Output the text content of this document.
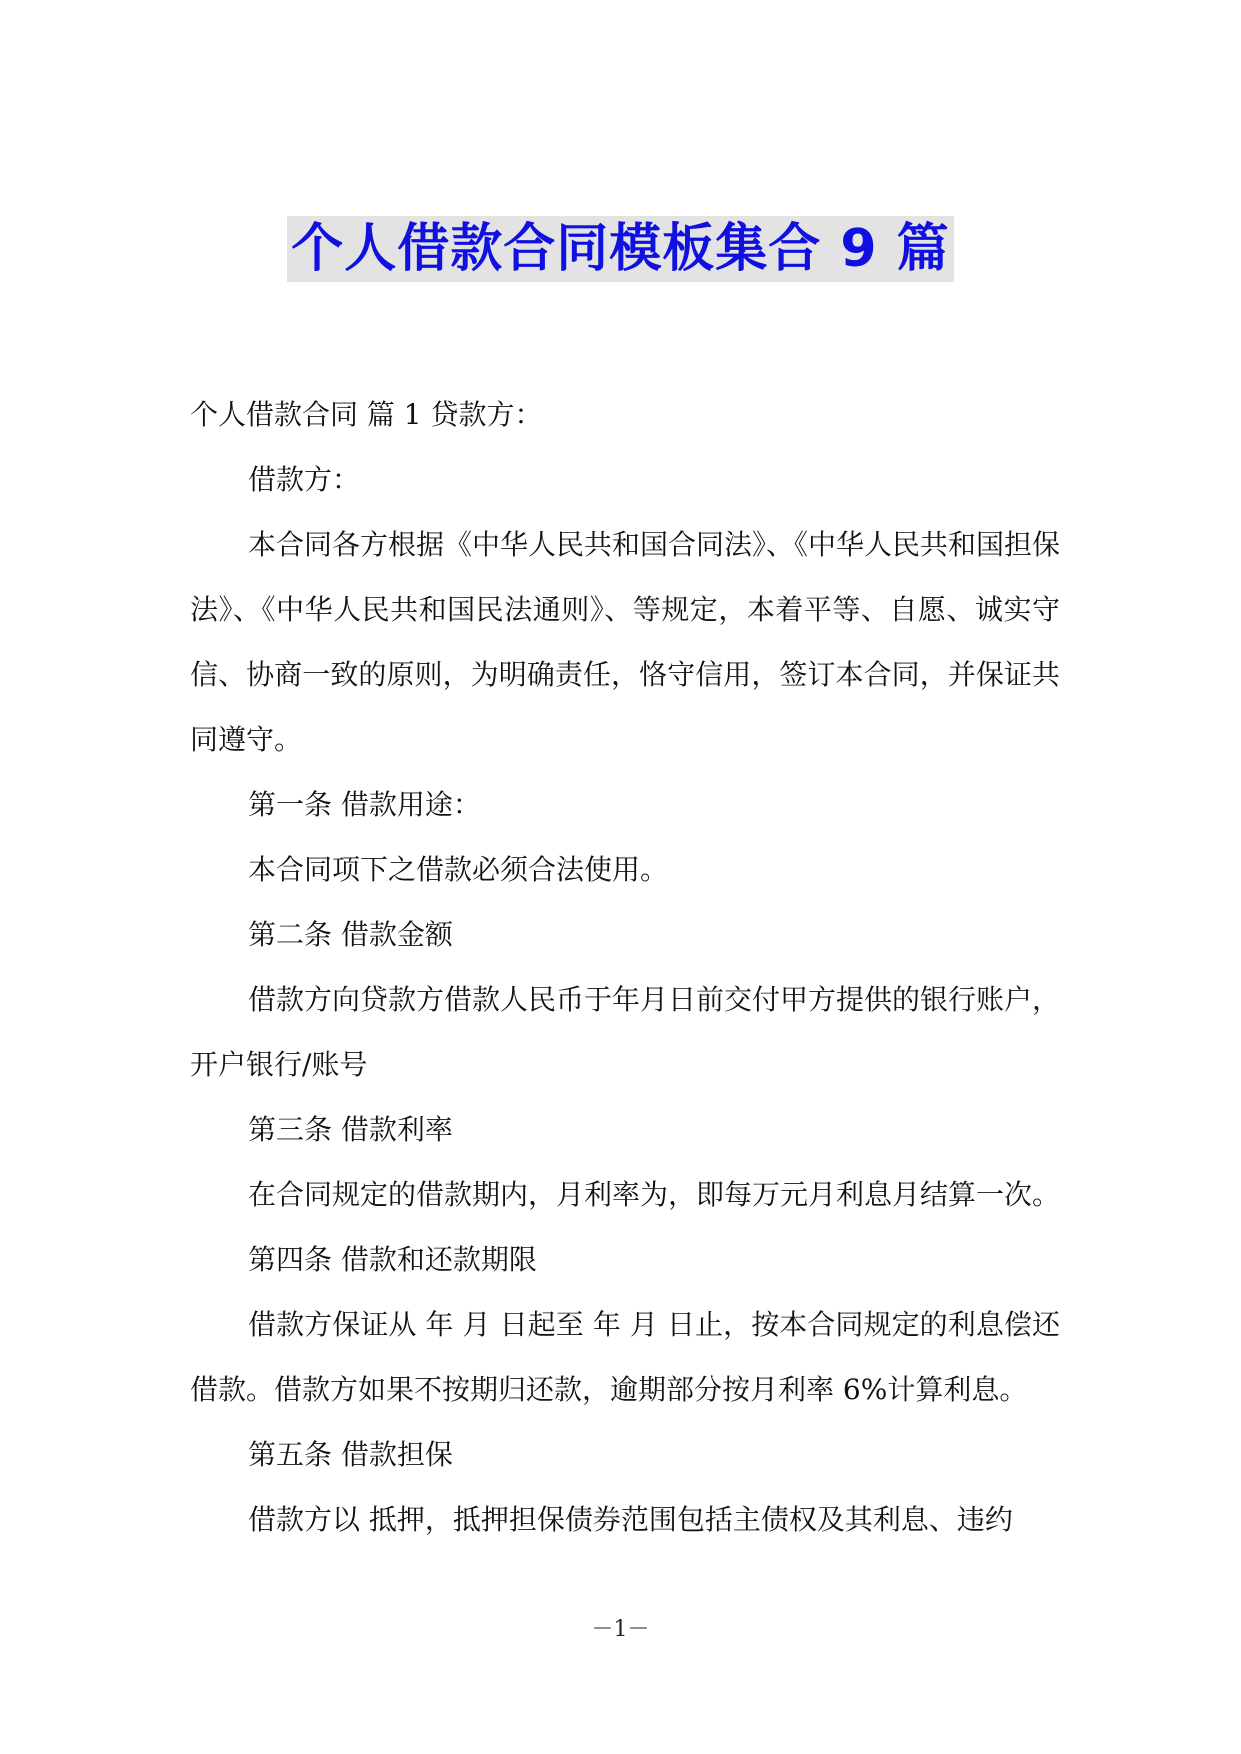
个人借款合同模板集合 9 篇

个人借款合同 篇 1 贷款方：

借款方：

本合同各方根据《中华人民共和国合同法》、《中华人民共和国担保法》、《中华人民共和国民法通则》、等规定，本着平等、自愿、诚实守信、协商一致的原则，为明确责任，恪守信用，签订本合同，并保证共同遵守。

第一条 借款用途：

本合同项下之借款必须合法使用。

第二条 借款金额

借款方向贷款方借款人民币于年月日前交付甲方提供的银行账户，开户银行/账号

第三条 借款利率

在合同规定的借款期内，月利率为，即每万元月利息月结算一次。

第四条 借款和还款期限

借款方保证从 年 月 日起至 年 月 日止，按本合同规定的利息偿还借款。借款方如果不按期归还款，逾期部分按月利率 6%计算利息。

第五条 借款担保

借款方以 抵押，抵押担保债券范围包括主债权及其利息、违约

－1－
